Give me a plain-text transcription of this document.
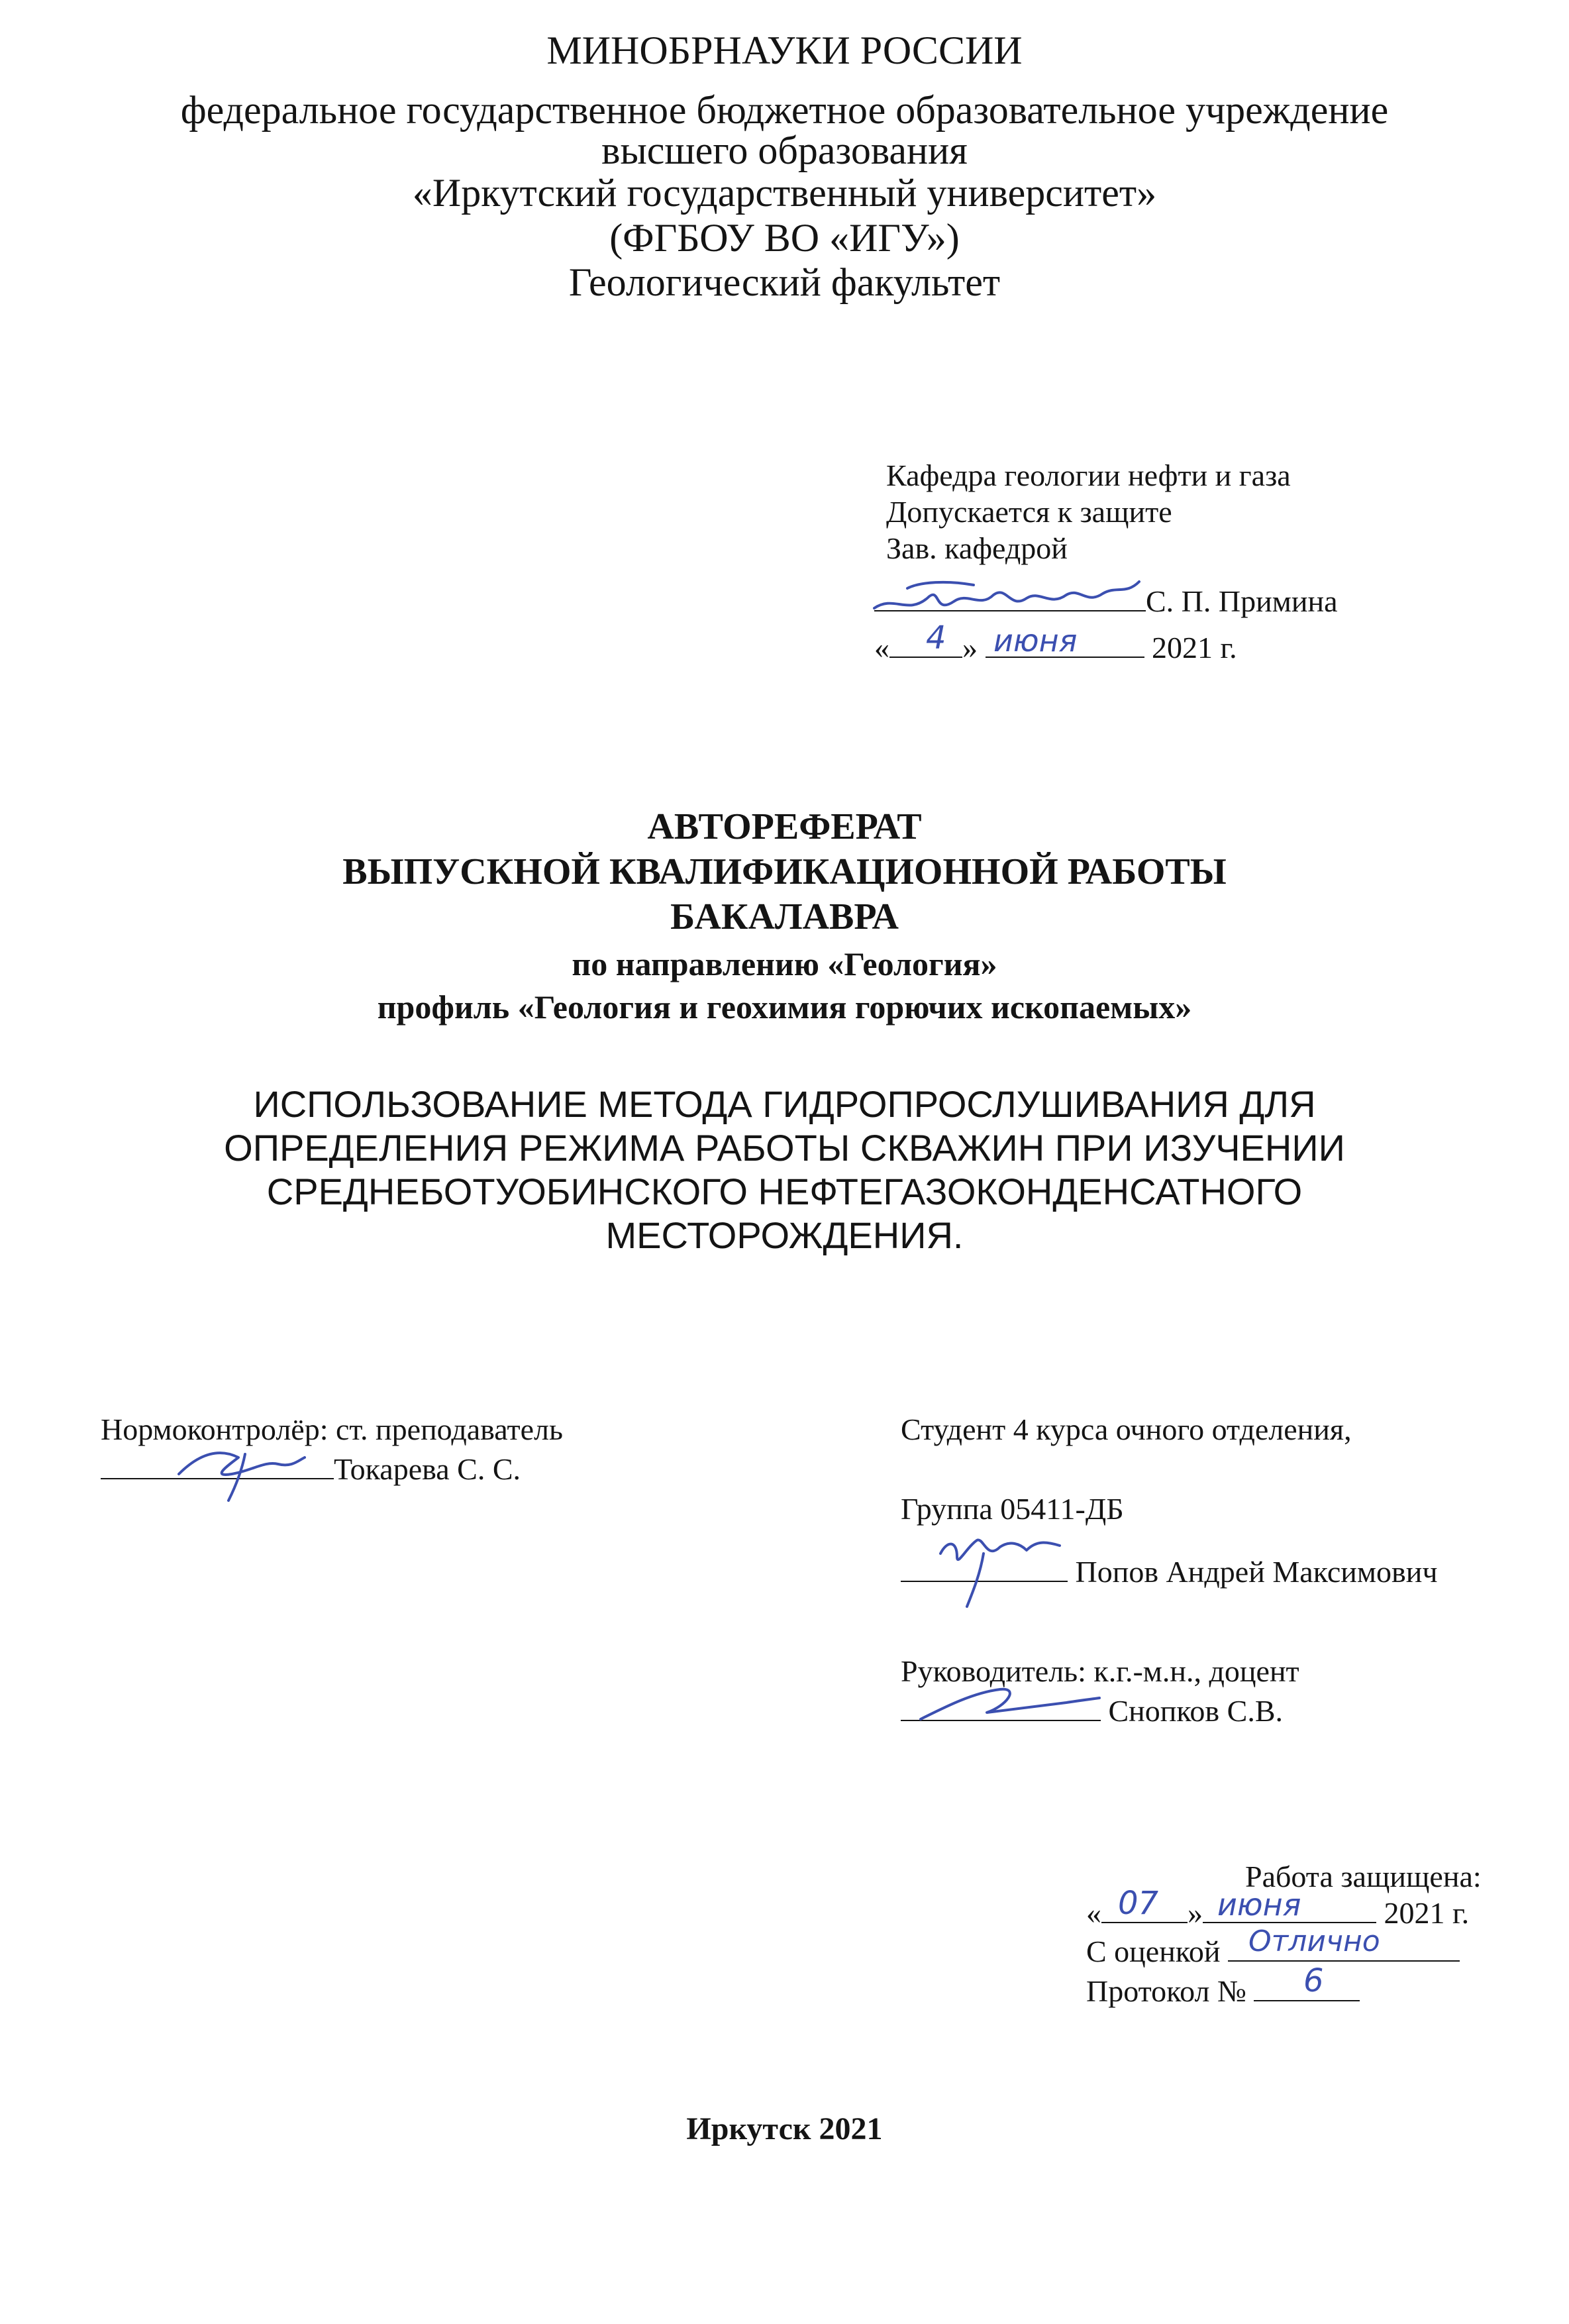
МИНОБРНАУКИ РОССИИ
федеральное государственное бюджетное образовательное учреждение
высшего образования
«Иркутский государственный университет»
(ФГБОУ ВО «ИГУ»)
Геологический факультет
Кафедра геологии нефти и газа
Допускается к защите
Зав. кафедрой
С. П. Примина
« »	2021 г.
4 июня
АВТОРЕФЕРАТ
ВЫПУСКНОЙ КВАЛИФИКАЦИОННОЙ РАБОТЫ
БАКАЛАВРА
по направлению «Геология»
профиль «Геология и геохимия горючих ископаемых»
ИСПОЛЬЗОВАНИЕ МЕТОДА ГИДРОПРОСЛУШИВАНИЯ ДЛЯ
ОПРЕДЕЛЕНИЯ РЕЖИМА РАБОТЫ СКВАЖИН ПРИ ИЗУЧЕНИИ
СРЕДНЕБОТУОБИНСКОГО НЕФТЕГАЗОКОНДЕНСАТНОГО
МЕСТОРОЖДЕНИЯ.
Нормоконтролёр: ст. преподаватель
Токарева С. С.
Студент 4 курса очного отделения,
Группа 05411-ДБ
Попов Андрей Максимович
Руководитель: к.г.-м.н., доцент
Снопков С.В.
Работа защищена:
«	»	2021 г.
07 июня
С оценкой Отлично
Протокол №	6
Иркутск 2021
